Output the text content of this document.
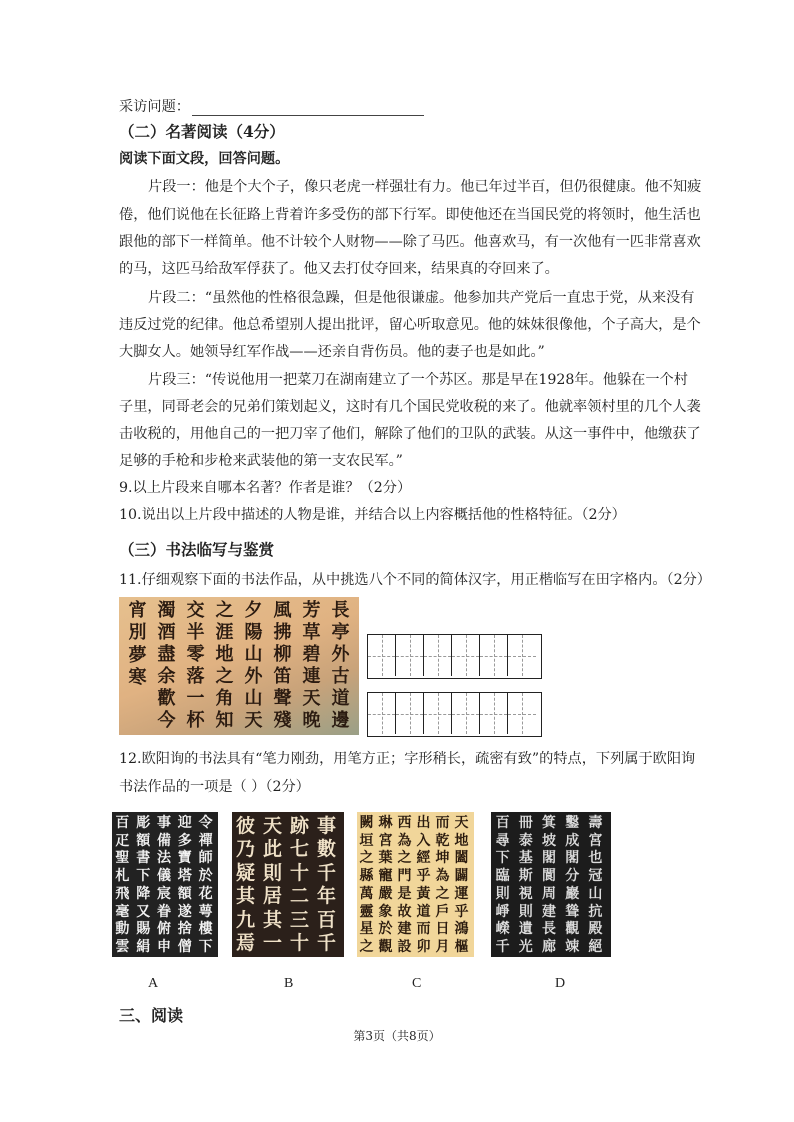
采访问题：
（二）名著阅读（4分）
阅读下面文段，回答问题。
片段一：他是个大个子，像只老虎一样强壮有力。他已年过半百，但仍很健康。他不知疲
倦，他们说他在长征路上背着许多受伤的部下行军。即使他还在当国民党的将领时，他生活也
跟他的部下一样简单。他不计较个人财物——除了马匹。他喜欢马，有一次他有一匹非常喜欢
的马，这匹马给敌军俘获了。他又去打仗夺回来，结果真的夺回来了。
片段二：“虽然他的性格很急躁，但是他很谦虚。他参加共产党后一直忠于党，从来没有
违反过党的纪律。他总希望别人提出批评，留心听取意见。他的妹妹很像他，个子高大，是个
大脚女人。她领导红军作战——还亲自背伤员。他的妻子也是如此。”
片段三：“传说他用一把菜刀在湖南建立了一个苏区。那是早在1928年。他躲在一个村
子里，同哥老会的兄弟们策划起义，这时有几个国民党收税的来了。他就率领村里的几个人袭
击收税的，用他自己的一把刀宰了他们，解除了他们的卫队的武装。从这一事件中，他缴获了
足够的手枪和步枪来武装他的第一支农民军。”
9.以上片段来自哪本名著？作者是谁？（2分）
10.说出以上片段中描述的人物是谁，并结合以上内容概括他的性格特征。（2分）
（三）书法临写与鉴赏
11.仔细观察下面的书法作品，从中挑选八个不同的简体汉字，用正楷临写在田字格内。（2分）
長
亭
外
古
道
邊
芳
草
碧
連
天
晚
風
拂
柳
笛
聲
殘
夕
陽
山
外
山
天
之
涯
地
之
角
知
交
半
零
落
一
杯
濁
酒
盡
余
歡
今
宵
別
夢
寒
12.欧阳询的书法具有“笔力刚劲，用笔方正；字形稍长，疏密有致”的特点，下列属于欧阳询
书法作品的一项是（ ）（2分）
令
禪
師
於
花
萼
樓
下
迎
多
寶
塔
額
遂
捨
僧
事
備
法
儀
宸
眷
俯
申
彫
額
書
下
降
又
賜
絹
百
疋
聖
札
飛
毫
動
雲
事
數
千
年
百
千
跡
七
十
二
三
十
天
此
則
居
其
一
彼
乃
疑
其
九
焉
天
地
闔
闢
運
乎
鴻
樞
而
乾
坤
為
之
戶
日
月
出
入
經
乎
黃
道
而
卯
西
為
之
門
是
故
建
設
琳
宮
葉
寵
嚴
象
於
觀
闕
垣
之
縣
萬
靈
星
之
壽
宮
也
冠
山
抗
殿
絕
鑿
成
閣
分
巖
聳
觀
竦
箕
坡
閣
閬
周
建
長
廊
冊
泰
基
斯
視
則
遺
光
百
尋
下
臨
則
崢
嶸
千
A	B	C	D
三、阅读
第3页（共8页）
